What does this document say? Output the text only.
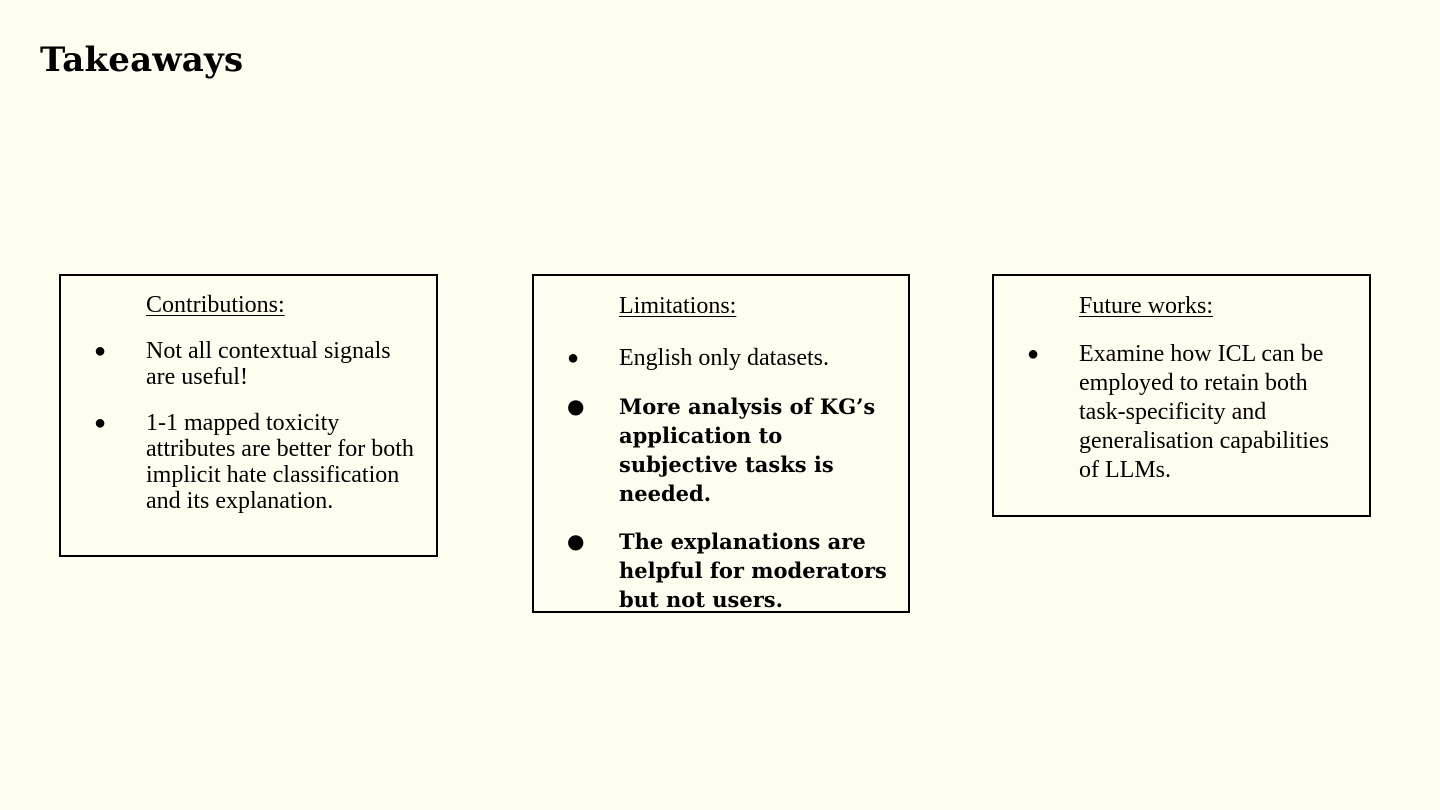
Takeaways
Contributions:
● Not all contextual signals are useful!
● 1-1 mapped toxicity attributes are better for both implicit hate classification and its explanation.
Limitations:
● English only datasets.
● More analysis of KG’s application to subjective tasks is needed.
● The explanations are helpful for moderators but not users.
Future works:
● Examine how ICL can be employed to retain both task-specificity and generalisation capabilities of LLMs.
